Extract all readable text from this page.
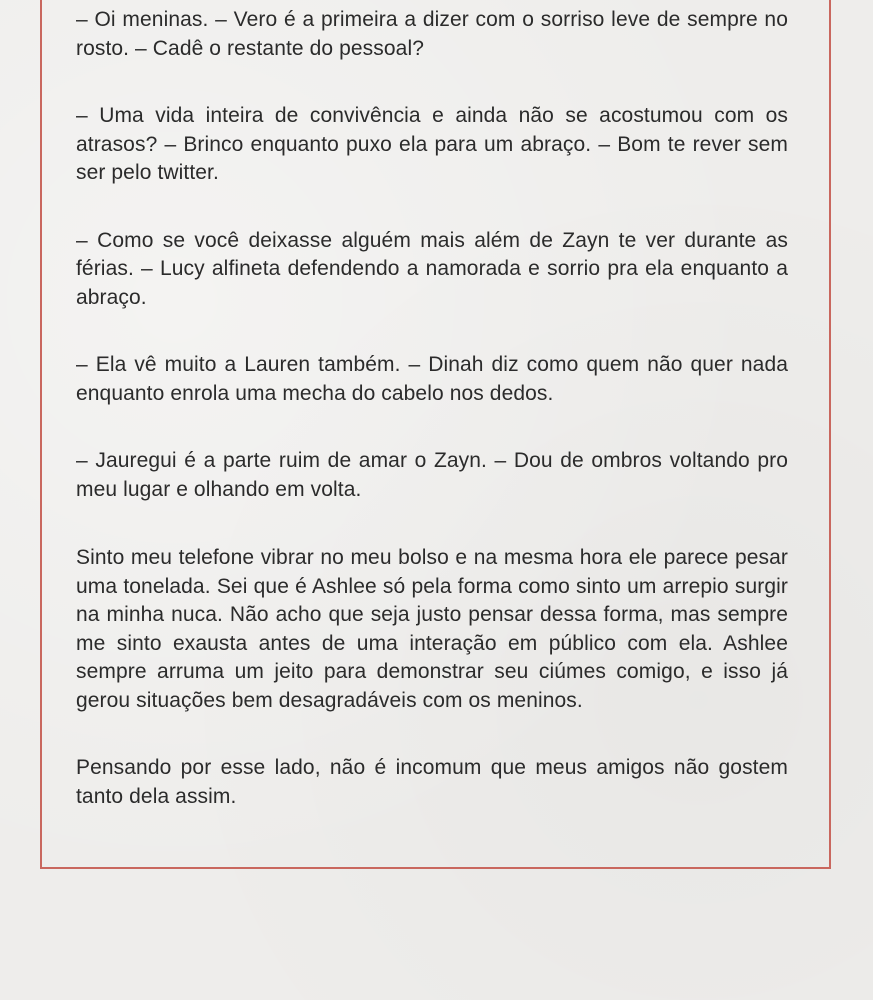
– Oi meninas. – Vero é a primeira a dizer com o sorriso leve de sempre no rosto. – Cadê o restante do pessoal?

– Uma vida inteira de convivência e ainda não se acostumou com os atrasos? – Brinco enquanto puxo ela para um abraço. – Bom te rever sem ser pelo twitter.

– Como se você deixasse alguém mais além de Zayn te ver durante as férias. – Lucy alfineta defendendo a namorada e sorrio pra ela enquanto a abraço.

– Ela vê muito a Lauren também. – Dinah diz como quem não quer nada enquanto enrola uma mecha do cabelo nos dedos.

– Jauregui é a parte ruim de amar o Zayn. – Dou de ombros voltando pro meu lugar e olhando em volta.

Sinto meu telefone vibrar no meu bolso e na mesma hora ele parece pesar uma tonelada. Sei que é Ashlee só pela forma como sinto um arrepio surgir na minha nuca. Não acho que seja justo pensar dessa forma, mas sempre me sinto exausta antes de uma interação em público com ela. Ashlee sempre arruma um jeito para demonstrar seu ciúmes comigo, e isso já gerou situações bem desagradáveis com os meninos.

Pensando por esse lado, não é incomum que meus amigos não gostem tanto dela assim.
